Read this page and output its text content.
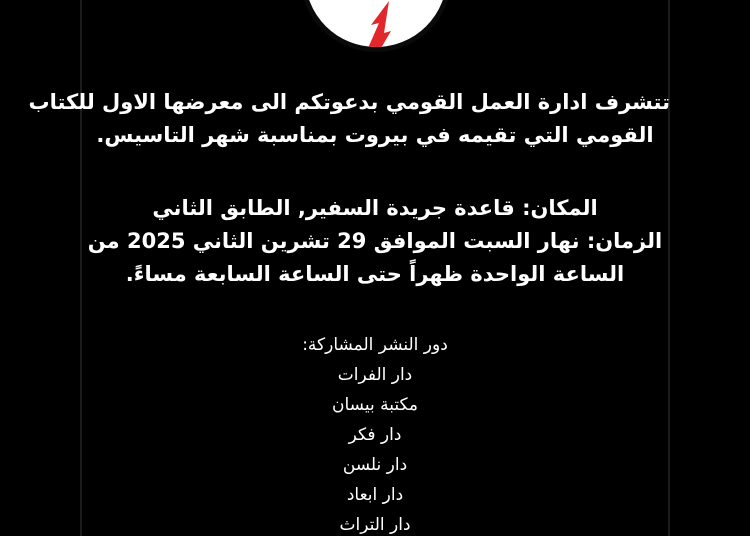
تتشرف ادارة العمل القومي بدعوتكم الى معرضها الاول للكتاب
القومي التي تقيمه في بيروت بمناسبة شهر التاسيس.
المكان: قاعدة جريدة السفير, الطابق الثاني
الزمان: نهار السبت الموافق 29 تشرين الثاني 2025 من
الساعة الواحدة ظهراً حتى الساعة السابعة مساءً.
دور النشر المشاركة:
دار الفرات
مكتبة بيسان
دار فكر
دار نلسن
دار ابعاد
دار التراث
